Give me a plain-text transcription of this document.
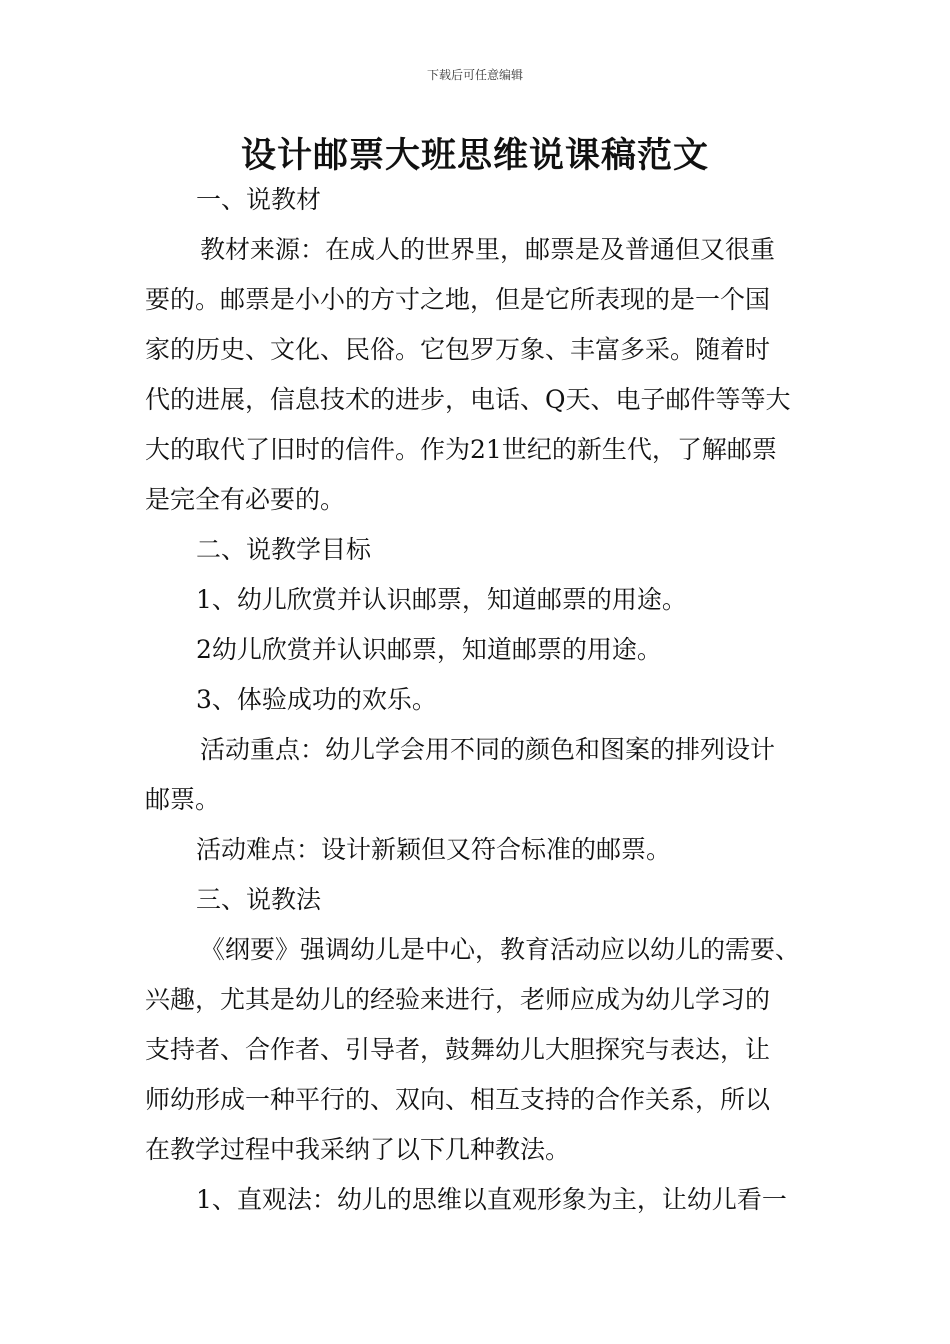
下载后可任意编辑
设计邮票大班思维说课稿范文
一、说教材
教材来源：在成人的世界里，邮票是及普通但又很重
要的。邮票是小小的方寸之地，但是它所表现的是一个国
家的历史、文化、民俗。它包罗万象、丰富多采。随着时
代的进展，信息技术的进步，电话、Q天、电子邮件等等大
大的取代了旧时的信件。作为21世纪的新生代，了解邮票
是完全有必要的。
二、说教学目标
1、幼儿欣赏并认识邮票，知道邮票的用途。
2幼儿欣赏并认识邮票，知道邮票的用途。
3、体验成功的欢乐。
活动重点：幼儿学会用不同的颜色和图案的排列设计
邮票。
活动难点：设计新颖但又符合标准的邮票。
三、说教法
《纲要》强调幼儿是中心，教育活动应以幼儿的需要、
兴趣，尤其是幼儿的经验来进行，老师应成为幼儿学习的
支持者、合作者、引导者，鼓舞幼儿大胆探究与表达，让
师幼形成一种平行的、双向、相互支持的合作关系，所以
在教学过程中我采纳了以下几种教法。
1、直观法：幼儿的思维以直观形象为主，让幼儿看一
